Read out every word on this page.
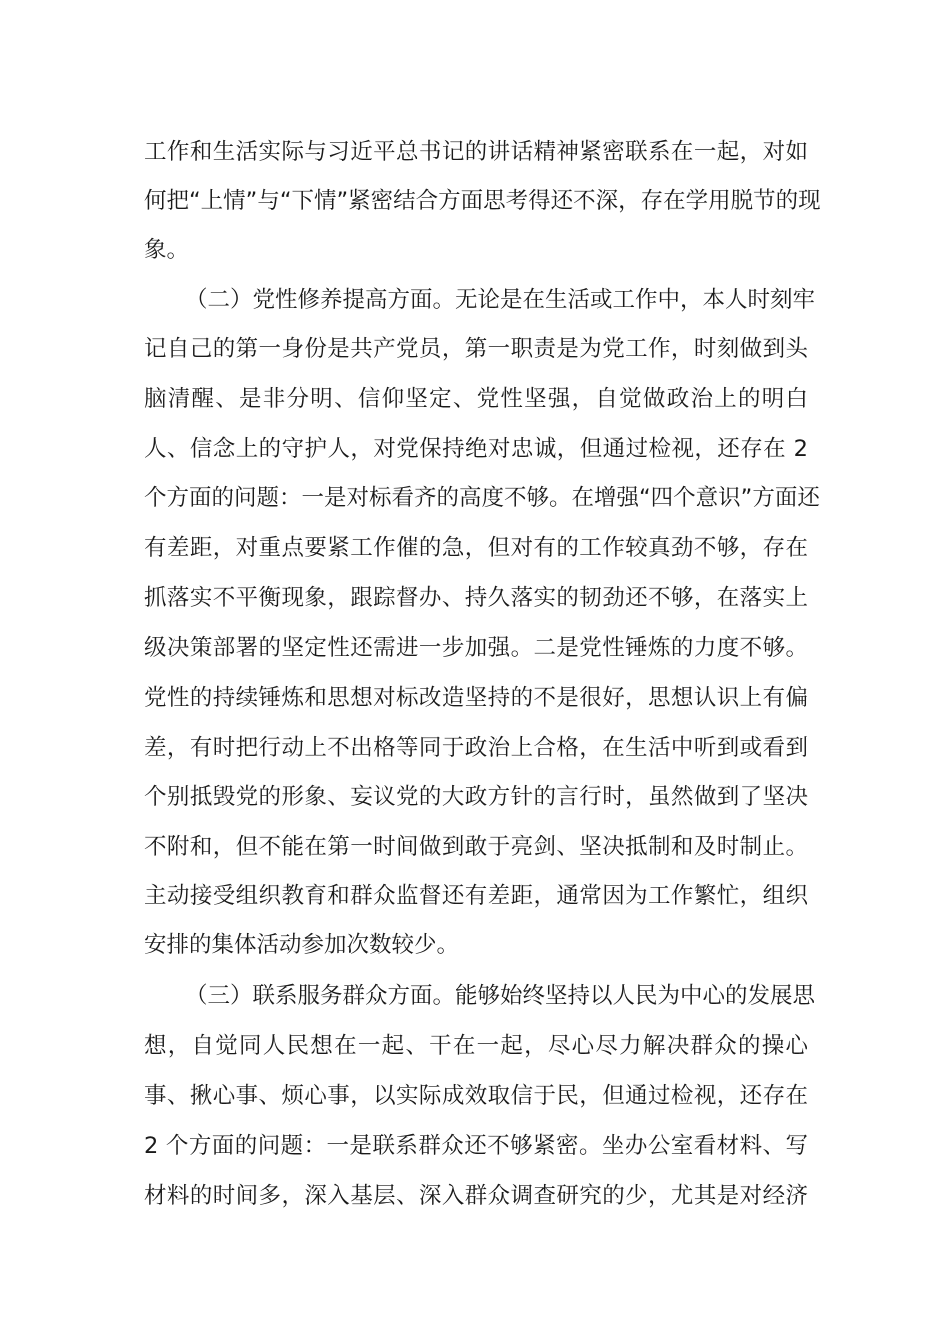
工作和生活实际与习近平总书记的讲话精神紧密联系在一起，对如
何把“上情”与“下情”紧密结合方面思考得还不深，存在学用脱节的现
象。
（二）党性修养提高方面。无论是在生活或工作中，本人时刻牢
记自己的第一身份是共产党员，第一职责是为党工作，时刻做到头
脑清醒、是非分明、信仰坚定、党性坚强，自觉做政治上的明白
人、信念上的守护人，对党保持绝对忠诚，但通过检视，还存在 2
个方面的问题：一是对标看齐的高度不够。在增强“四个意识”方面还
有差距，对重点要紧工作催的急，但对有的工作较真劲不够，存在
抓落实不平衡现象，跟踪督办、持久落实的韧劲还不够，在落实上
级决策部署的坚定性还需进一步加强。二是党性锤炼的力度不够。
党性的持续锤炼和思想对标改造坚持的不是很好，思想认识上有偏
差，有时把行动上不出格等同于政治上合格，在生活中听到或看到
个别抵毁党的形象、妄议党的大政方针的言行时，虽然做到了坚决
不附和，但不能在第一时间做到敢于亮剑、坚决抵制和及时制止。
主动接受组织教育和群众监督还有差距，通常因为工作繁忙，组织
安排的集体活动参加次数较少。
（三）联系服务群众方面。能够始终坚持以人民为中心的发展思
想，自觉同人民想在一起、干在一起，尽心尽力解决群众的操心
事、揪心事、烦心事，以实际成效取信于民，但通过检视，还存在
2 个方面的问题：一是联系群众还不够紧密。坐办公室看材料、写
材料的时间多，深入基层、深入群众调查研究的少，尤其是对经济
